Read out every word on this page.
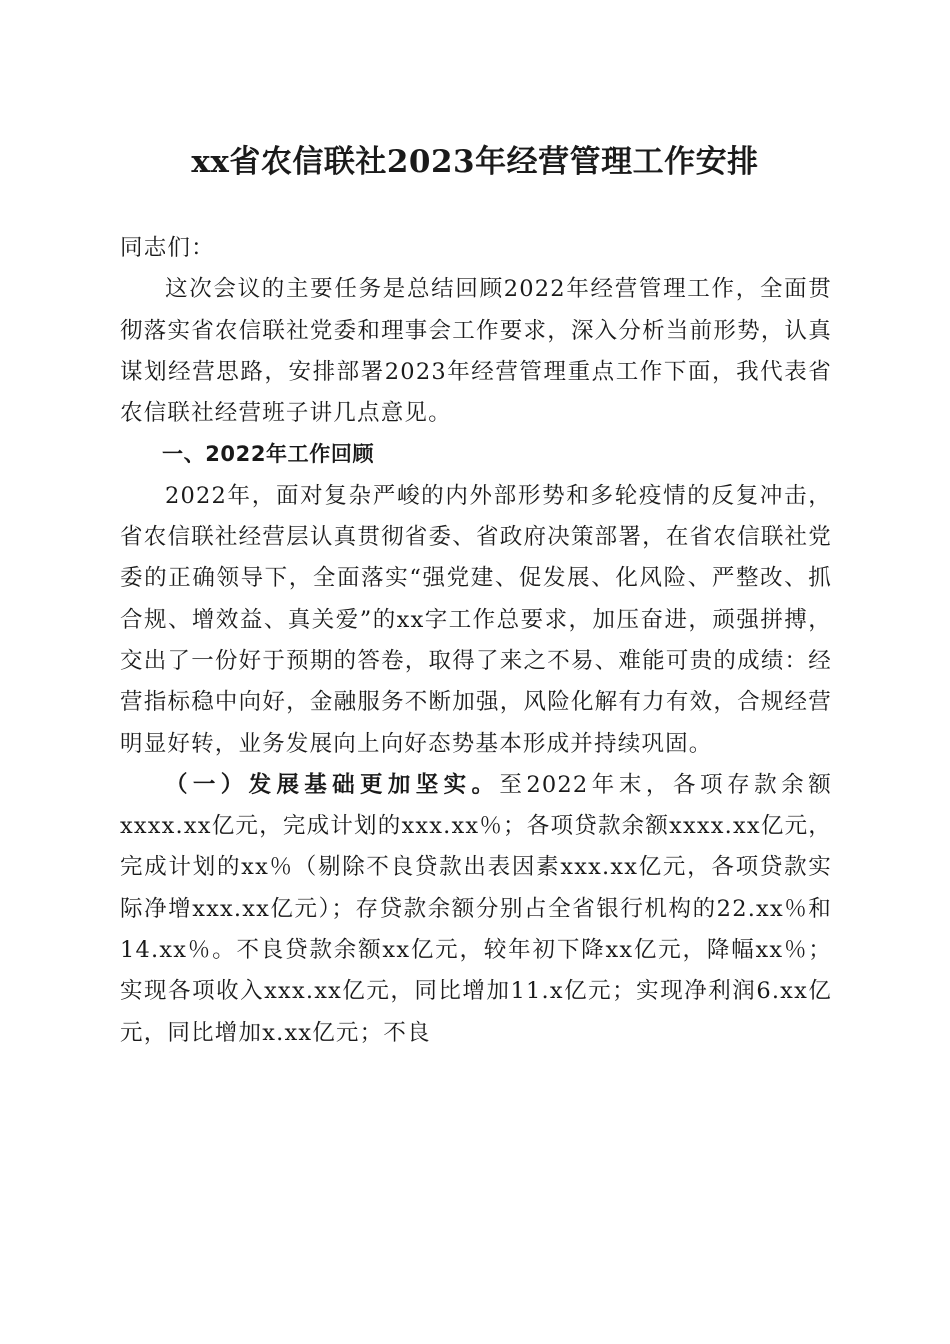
xx省农信联社2023年经营管理工作安排

同志们：

这次会议的主要任务是总结回顾2022年经营管理工作，全面贯彻落实省农信联社党委和理事会工作要求，深入分析当前形势，认真谋划经营思路，安排部署2023年经营管理重点工作下面，我代表省农信联社经营班子讲几点意见。

一、2022年工作回顾

2022年，面对复杂严峻的内外部形势和多轮疫情的反复冲击，省农信联社经营层认真贯彻省委、省政府决策部署，在省农信联社党委的正确领导下，全面落实“强党建、促发展、化风险、严整改、抓合规、增效益、真关爱”的xx字工作总要求，加压奋进，顽强拼搏，交出了一份好于预期的答卷，取得了来之不易、难能可贵的成绩：经营指标稳中向好，金融服务不断加强，风险化解有力有效，合规经营明显好转，业务发展向上向好态势基本形成并持续巩固。

（一）发展基础更加坚实。至2022年末，各项存款余额xxxx.xx亿元，完成计划的xxx.xx％；各项贷款余额xxxx.xx亿元，完成计划的xx％（剔除不良贷款出表因素xxx.xx亿元，各项贷款实际净增xxx.xx亿元）；存贷款余额分别占全省银行机构的22.xx％和14.xx％。不良贷款余额xx亿元，较年初下降xx亿元，降幅xx％；实现各项收入xxx.xx亿元，同比增加11.x亿元；实现净利润6.xx亿元，同比增加x.xx亿元；不良
